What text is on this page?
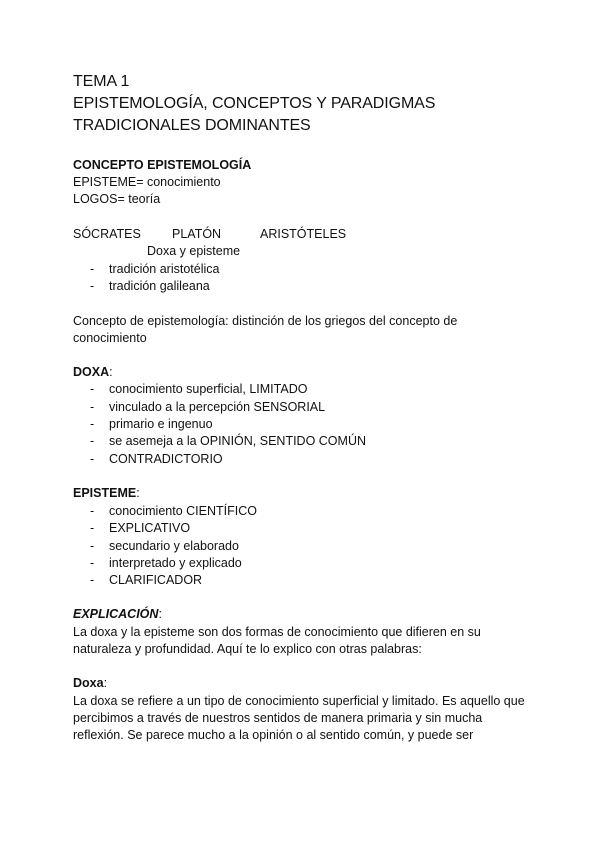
TEMA 1
EPISTEMOLOGÍA, CONCEPTOS Y PARADIGMAS
TRADICIONALES DOMINANTES
CONCEPTO EPISTEMOLOGÍA
EPISTEME= conocimiento
LOGOS= teoría
SÓCRATES PLATÓN	ARISTÓTELES
Doxa y episteme
- tradición aristotélica
- tradición galileana
Concepto de epistemología: distinción de los griegos del concepto de conocimiento
DOXA:
- conocimiento superficial, LIMITADO
- vinculado a la percepción SENSORIAL
- primario e ingenuo
- se asemeja a la OPINIÓN, SENTIDO COMÚN
- CONTRADICTORIO
EPISTEME:
- conocimiento CIENTÍFICO
- EXPLICATIVO
- secundario y elaborado
- interpretado y explicado
- CLARIFICADOR
EXPLICACIÓN:
La doxa y la episteme son dos formas de conocimiento que difieren en su naturaleza y profundidad. Aquí te lo explico con otras palabras:
Doxa:
La doxa se refiere a un tipo de conocimiento superficial y limitado. Es aquello que percibimos a través de nuestros sentidos de manera primaria y sin mucha reflexión. Se parece mucho a la opinión o al sentido común, y puede ser
